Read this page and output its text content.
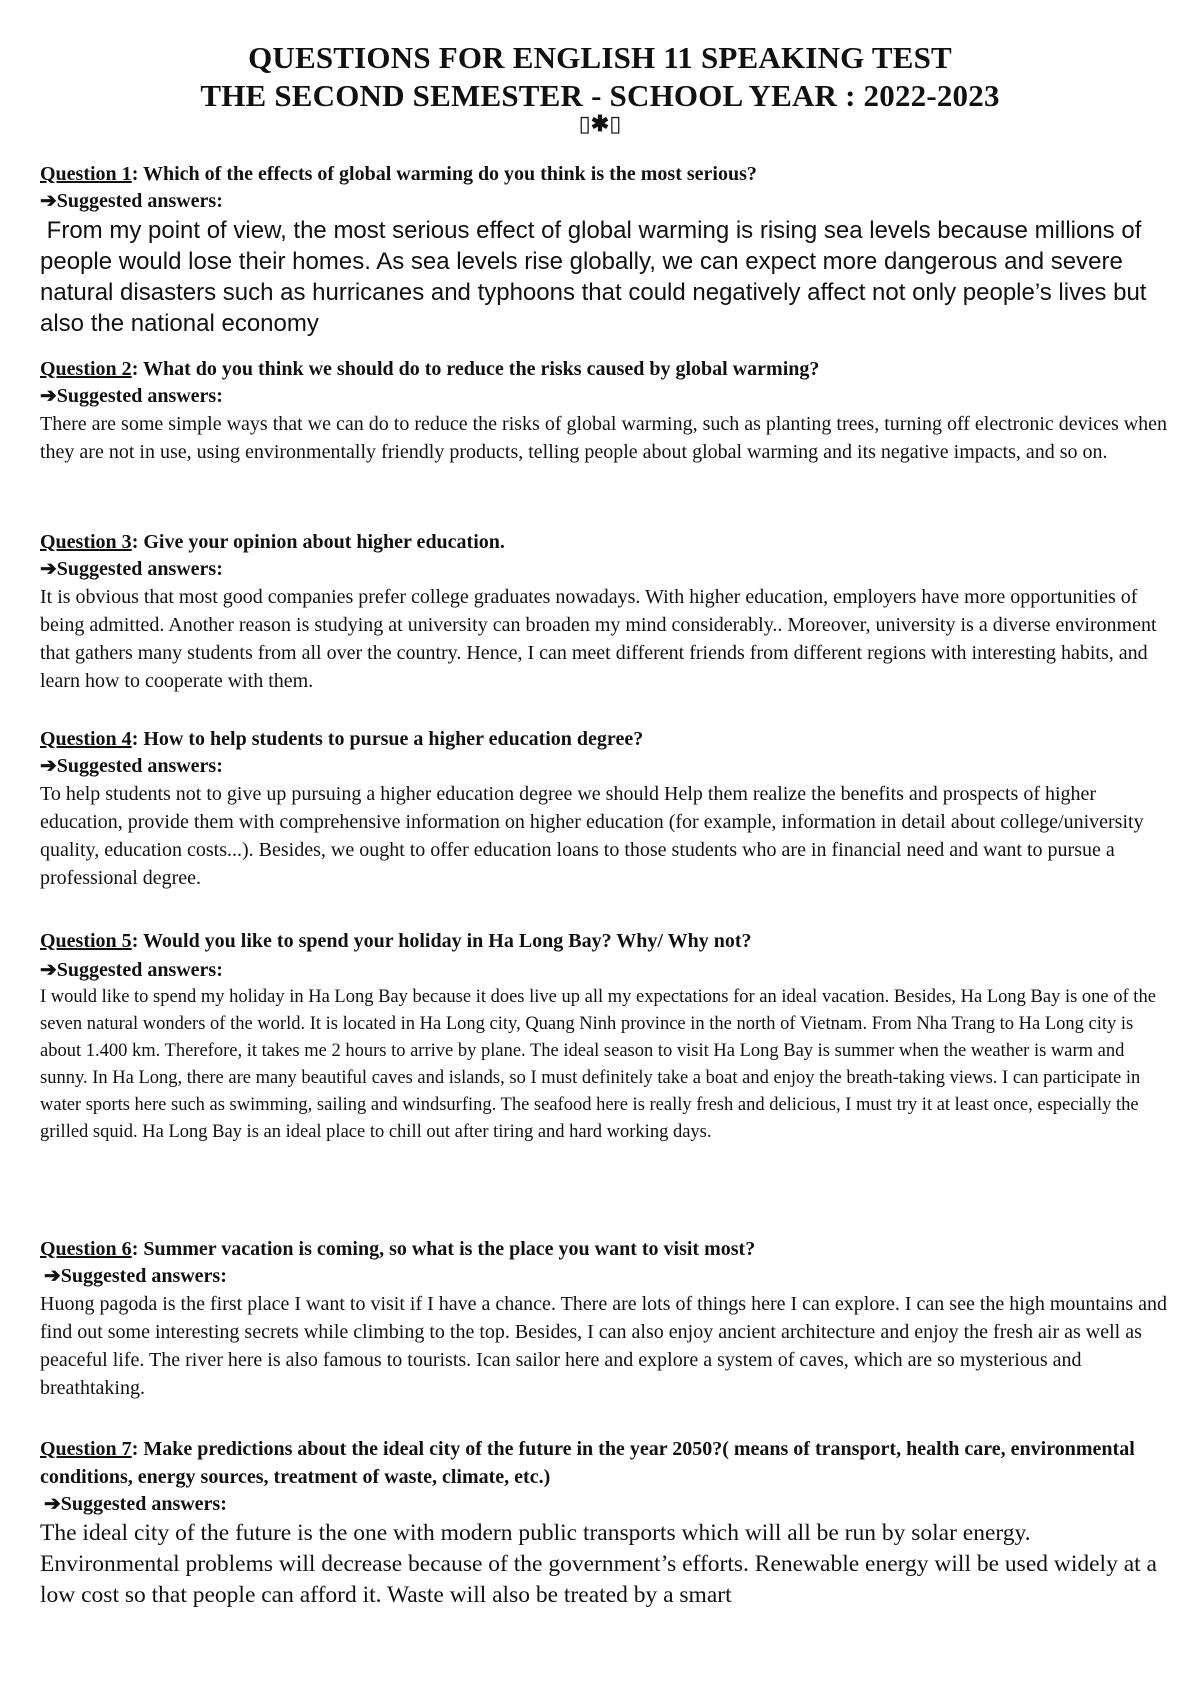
QUESTIONS FOR ENGLISH 11 SPEAKING TEST
THE SECOND SEMESTER - SCHOOL YEAR : 2022-2023
▯✱▯
Question 1: Which of the effects of global warming do you think is the most serious?
➔Suggested answers:
From my point of view, the most serious effect of global warming is rising sea levels because millions of people would lose their homes. As sea levels rise globally, we can expect more dangerous and severe natural disasters such as hurricanes and typhoons that could negatively affect not only people’s lives but also the national economy
Question 2: What do you think we should do to reduce the risks caused by global warming?
➔Suggested answers:
There are some simple ways that we can do to reduce the risks of global warming, such as planting trees, turning off electronic devices when they are not in use, using environmentally friendly products, telling people about global warming and its negative impacts, and so on.
Question 3: Give your opinion about higher education.
➔Suggested answers:
It is obvious that most good companies prefer college graduates nowadays. With higher education, employers have more opportunities of being admitted. Another reason is studying at university can broaden my mind considerably.. Moreover, university is a diverse environment that gathers many students from all over the country. Hence, I can meet different friends from different regions with interesting habits, and learn how to cooperate with them.
Question 4: How to help students to pursue a higher education degree?
➔Suggested answers:
To help students not to give up pursuing a higher education degree we should Help them realize the benefits and prospects of higher education, provide them with comprehensive information on higher education (for example, information in detail about college/university quality, education costs...). Besides, we ought to offer education loans to those students who are in financial need and want to pursue a professional degree.
Question 5: Would you like to spend your holiday in Ha Long Bay? Why/ Why not?
➔Suggested answers:
I would like to spend my holiday in Ha Long Bay because it does live up all my expectations for an ideal vacation. Besides, Ha Long Bay is one of the seven natural wonders of the world. It is located in Ha Long city, Quang Ninh province in the north of Vietnam. From Nha Trang to Ha Long city is about 1.400 km. Therefore, it takes me 2 hours to arrive by plane. The ideal season to visit Ha Long Bay is summer when the weather is warm and sunny. In Ha Long, there are many beautiful caves and islands, so I must definitely take a boat and enjoy the breath-taking views. I can participate in water sports here such as swimming, sailing and windsurfing. The seafood here is really fresh and delicious, I must try it at least once, especially the grilled squid. Ha Long Bay is an ideal place to chill out after tiring and hard working days.
Question 6: Summer vacation is coming, so what is the place you want to visit most?
➔Suggested answers:
Huong pagoda is the first place I want to visit if I have a chance. There are lots of things here I can explore. I can see the high mountains and find out some interesting secrets while climbing to the top. Besides, I can also enjoy ancient architecture and enjoy the fresh air as well as peaceful life. The river here is also famous to tourists. Ican sailor here and explore a system of caves, which are so mysterious and breathtaking.
Question 7: Make predictions about the ideal city of the future in the year 2050?( means of transport, health care, environmental conditions, energy sources, treatment of waste, climate, etc.)
➔Suggested answers:
The ideal city of the future is the one with modern public transports which will all be run by solar energy. Environmental problems will decrease because of the government’s efforts. Renewable energy will be used widely at a low cost so that people can afford it. Waste will also be treated by a smart
